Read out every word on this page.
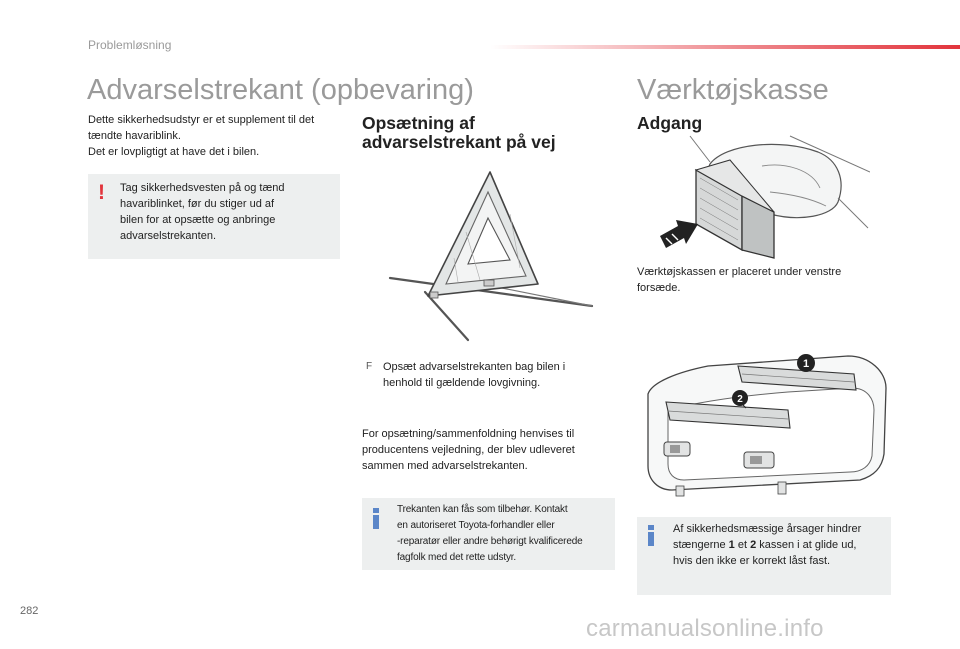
Problemløsning
Advarselstrekant (opbevaring)
Dette sikkerhedsudstyr er et supplement til det
tændte havariblink.
Det er lovpligtigt at have det i bilen.
! Tag sikkerhedsvesten på og tænd
havariblinket, før du stiger ud af
bilen for at opsætte og anbringe
advarselstrekanten.
Opsætning af
advarselstrekant på vej
F Opsæt advarselstrekanten bag bilen i
henhold til gældende lovgivning.
For opsætning/sammenfoldning henvises til
producentens vejledning, der blev udleveret
sammen med advarselstrekanten.
Trekanten kan fås som tilbehør. Kontakt
en autoriseret Toyota-forhandler eller
-reparatør eller andre behørigt kvalificerede
fagfolk med det rette udstyr.
Værktøjskasse
Adgang
Værktøjskassen er placeret under venstre
forsæde.
1
2
Af sikkerhedsmæssige årsager hindrer
stængerne 1 et 2 kassen i at glide ud,
hvis den ikke er korrekt låst fast.
282
carmanualsonline.info
